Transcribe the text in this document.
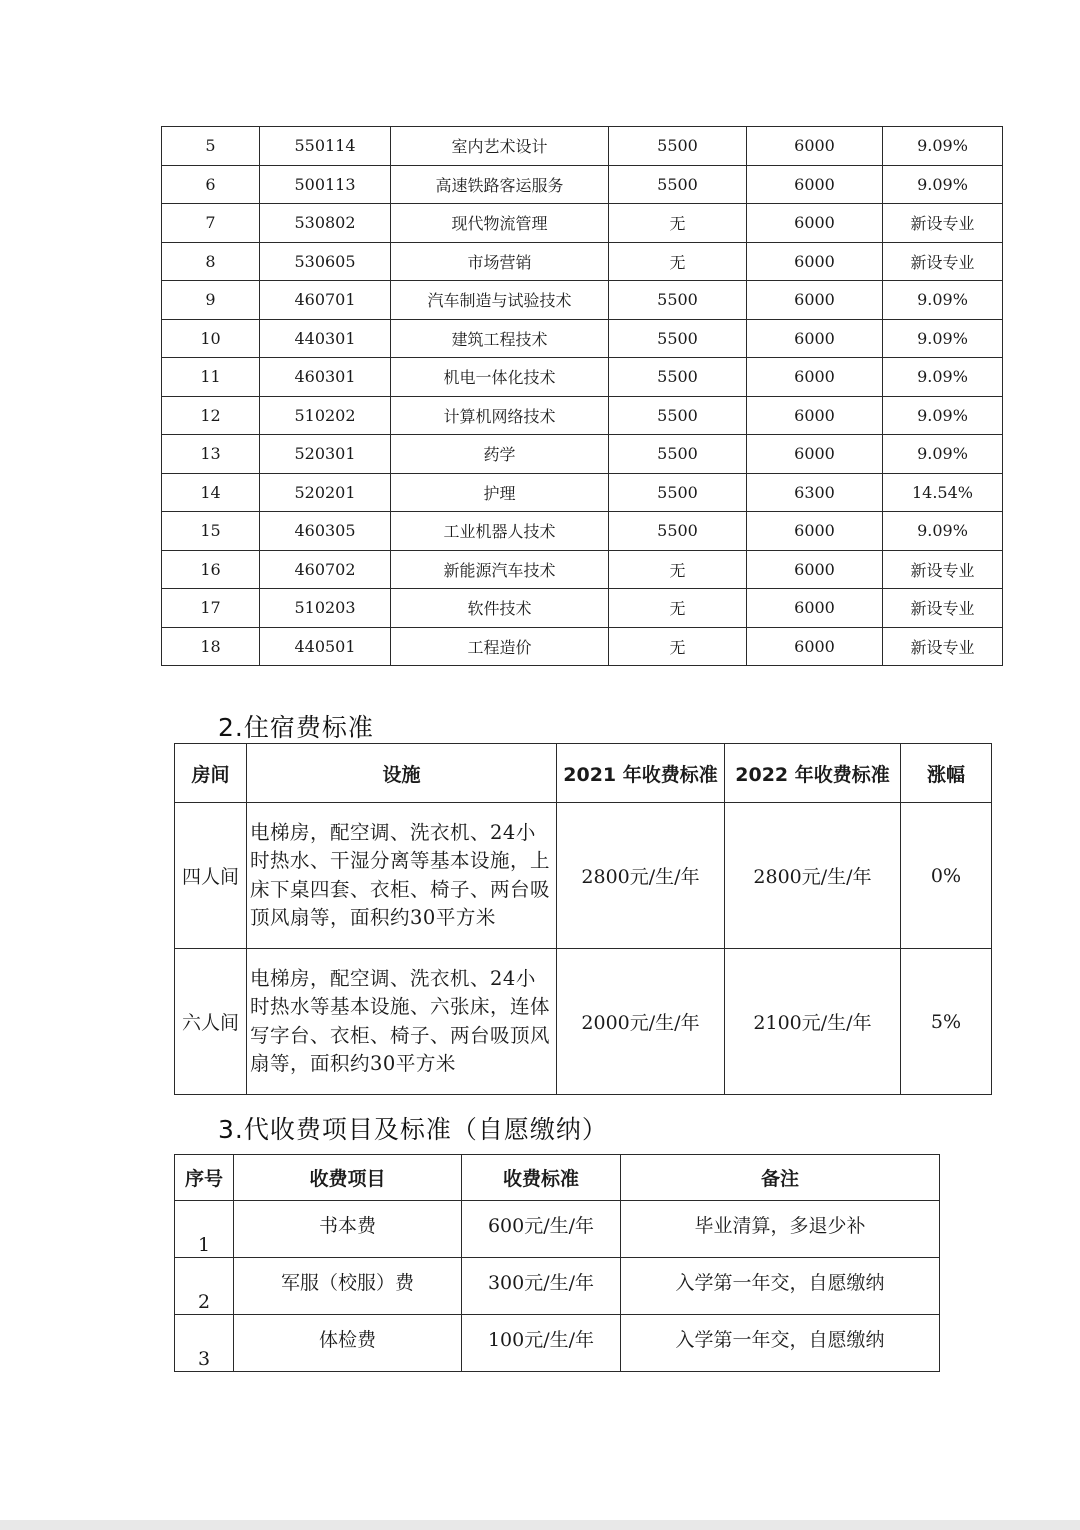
5	550114	室内艺术设计	5500	6000	9.09%
6	500113	高速铁路客运服务	5500	6000	9.09%
7	530802	现代物流管理	无	6000	新设专业
8	530605	市场营销	无	6000	新设专业
9	460701	汽车制造与试验技术	5500	6000	9.09%
10	440301	建筑工程技术	5500	6000	9.09%
11	460301	机电一体化技术	5500	6000	9.09%
12	510202	计算机网络技术	5500	6000	9.09%
13	520301	药学	5500	6000	9.09%
14	520201	护理	5500	6300	14.54%
15	460305	工业机器人技术	5500	6000	9.09%
16	460702	新能源汽车技术	无	6000	新设专业
17	510203	软件技术	无	6000	新设专业
18	440501	工程造价	无	6000	新设专业
2.住宿费标准
房间	设施	2021 年收费标准	2022 年收费标准	涨幅
四人间	电梯房，配空调、洗衣机、24小时热水、干湿分离等基本设施，上床下桌四套、衣柜、椅子、两台吸顶风扇等，面积约30平方米	2800元/生/年	2800元/生/年	0%
六人间	电梯房，配空调、洗衣机、24小时热水等基本设施、六张床，连体写字台、衣柜、椅子、两台吸顶风扇等，面积约30平方米	2000元/生/年	2100元/生/年	5%
3.代收费项目及标准（自愿缴纳）
序号	收费项目	收费标准	备注
1	书本费	600元/生/年	毕业清算，多退少补
2	军服（校服）费	300元/生/年	入学第一年交，自愿缴纳
3	体检费	100元/生/年	入学第一年交，自愿缴纳
